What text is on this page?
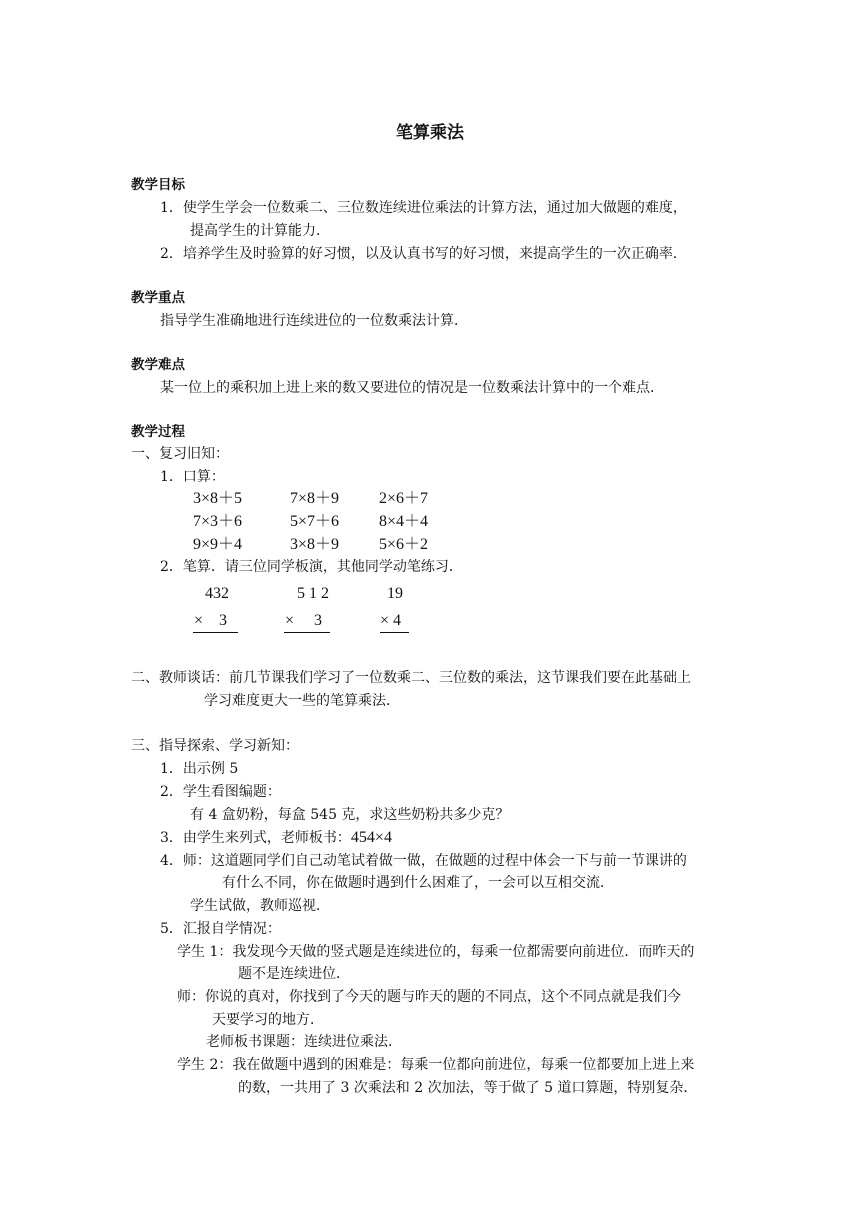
笔算乘法
教学目标
1．使学生学会一位数乘二、三位数连续进位乘法的计算方法，通过加大做题的难度，
提高学生的计算能力．
2．培养学生及时验算的好习惯，以及认真书写的好习惯，来提高学生的一次正确率．
教学重点
指导学生准确地进行连续进位的一位数乘法计算．
教学难点
某一位上的乘积加上进上来的数又要进位的情况是一位数乘法计算中的一个难点．
教学过程
一、复习旧知：
1．口算：
3×8＋5	7×8＋9 2×6＋7
7×3＋6	5×7＋6 8×4＋4
9×9＋4	3×8＋9 5×6＋2
2．笔算．请三位同学板演，其他同学动笔练习．
432
×　3
5 1 2
×　 3
19
× 4
二、教师谈话：前几节课我们学习了一位数乘二、三位数的乘法，这节课我们要在此基础上
学习难度更大一些的笔算乘法．
三、指导探索、学习新知：
1．出示例 5
2．学生看图编题：
有 4 盒奶粉，每盒 545 克，求这些奶粉共多少克？
3．由学生来列式，老师板书：454×4
4．师：这道题同学们自己动笔试着做一做，在做题的过程中体会一下与前一节课讲的
有什么不同，你在做题时遇到什么困难了，一会可以互相交流．
学生试做，教师巡视．
5．汇报自学情况：
学生 1：我发现今天做的竖式题是连续进位的，每乘一位都需要向前进位．而昨天的
题不是连续进位．
师：你说的真对，你找到了今天的题与昨天的题的不同点，这个不同点就是我们今
天要学习的地方．
老师板书课题：连续进位乘法．
学生 2：我在做题中遇到的困难是：每乘一位都向前进位，每乘一位都要加上进上来
的数，一共用了 3 次乘法和 2 次加法，等于做了 5 道口算题，特别复杂．
